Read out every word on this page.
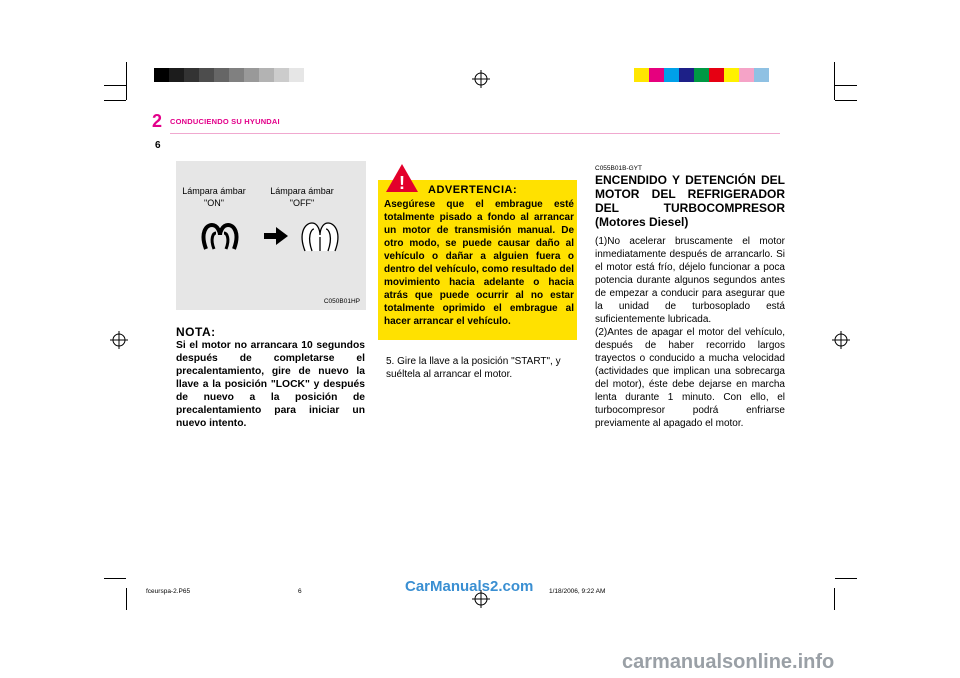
2 CONDUCIENDO SU HYUNDAI
6
Lámpara ámbar "ON"
Lámpara ámbar "OFF"
C050B01HP
NOTA:
Si el motor no arrancara 10 segundos después de completarse el precalentamiento, gire de nuevo la llave a la posición "LOCK" y después de nuevo a la posición de precalentamiento para iniciar un nuevo intento.
ADVERTENCIA:
Asegúrese que el embrague esté totalmente pisado a fondo al arrancar un motor de transmisión manual. De otro modo, se puede causar daño al vehículo o dañar a alguien fuera o dentro del vehículo, como resultado del movimiento hacia adelante o hacia atrás que puede ocurrir al no estar totalmente oprimido el embrague al hacer arrancar el vehículo.
!
5. Gire la llave a la posición "START", y suéltela al arrancar el motor.
C055B01B-GYT
ENCENDIDO Y DETENCIÓN DEL MOTOR DEL REFRIGERADOR DEL TURBOCOMPRESOR (Motores Diesel)

(1)No acelerar bruscamente el motor inmediatamente después de arrancarlo. Si el motor está frío, déjelo funcionar a poca potencia durante algunos segundos antes de empezar a conducir para asegurar que la unidad de turbosoplado está suficientemente lubricada.

(2)Antes de apagar el motor del vehículo, después de haber recorrido largos trayectos o conducido a mucha velocidad (actividades que implican una sobrecarga del motor), éste debe dejarse en marcha lenta durante 1 minuto. Con ello, el turbocompresor podrá enfriarse previamente al apagado el motor.

fceurspa-2.P65	6	1/18/2006, 9:22 AM
CarManuals2.com
carmanualsonline.info
